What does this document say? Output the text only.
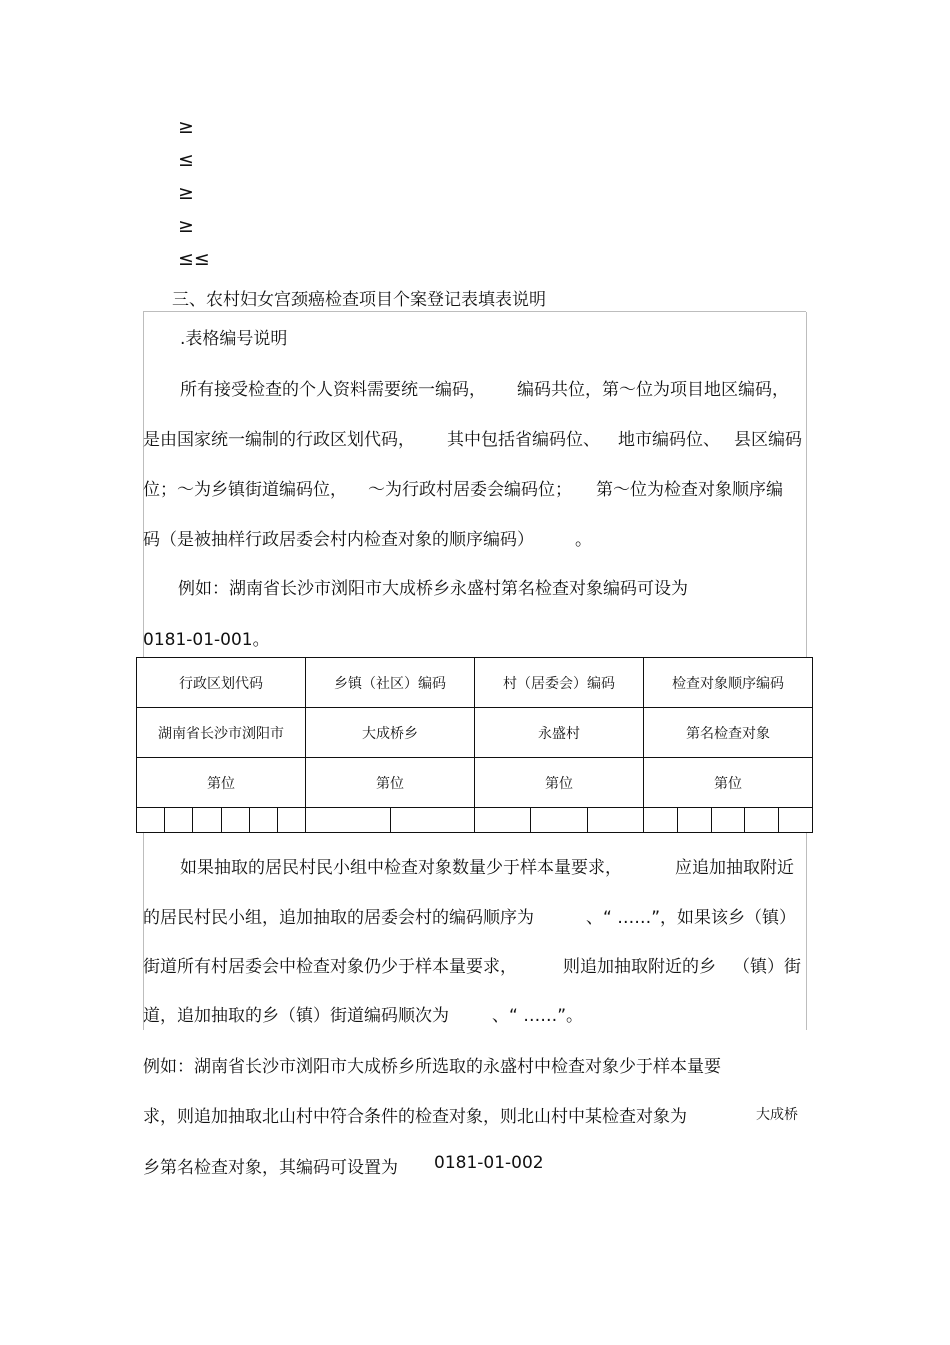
≥
≤
≥
≥
≤≤
三、农村妇女宫颈癌检查项目个案登记表填表说明
.表格编号说明
所有接受检查的个人资料需要统一编码， 编码共位，第～位为项目地区编码，
是由国家统一编制的行政区划代码， 其中包括省编码位、 地市编码位、 县区编码
位；～为乡镇街道编码位， ～为行政村居委会编码位； 第～位为检查对象顺序编
码（是被抽样行政居委会村内检查对象的顺序编码） 。
例如：湖南省长沙市浏阳市大成桥乡永盛村第名检查对象编码可设为
0181-01-001。
行政区划代码	乡镇（社区）编码	村（居委会）编码	检查对象顺序编码
湖南省长沙市浏阳市	大成桥乡	永盛村	第名检查对象
第位	第位	第位	第位

如果抽取的居民村民小组中检查对象数量少于样本量要求，	应追加抽取附近
的居民村民小组，追加抽取的居委会村的编码顺序为	、“ ……”，如果该乡（镇）
街道所有村居委会中检查对象仍少于样本量要求，	则追加抽取附近的乡 （镇）街
道，追加抽取的乡（镇）街道编码顺次为	、“ ……”。
例如：湖南省长沙市浏阳市大成桥乡所选取的永盛村中检查对象少于样本量要
求，则追加抽取北山村中符合条件的检查对象，则北山村中某检查对象为	大成桥
乡第名检查对象，其编码可设置为 0181-01-002
